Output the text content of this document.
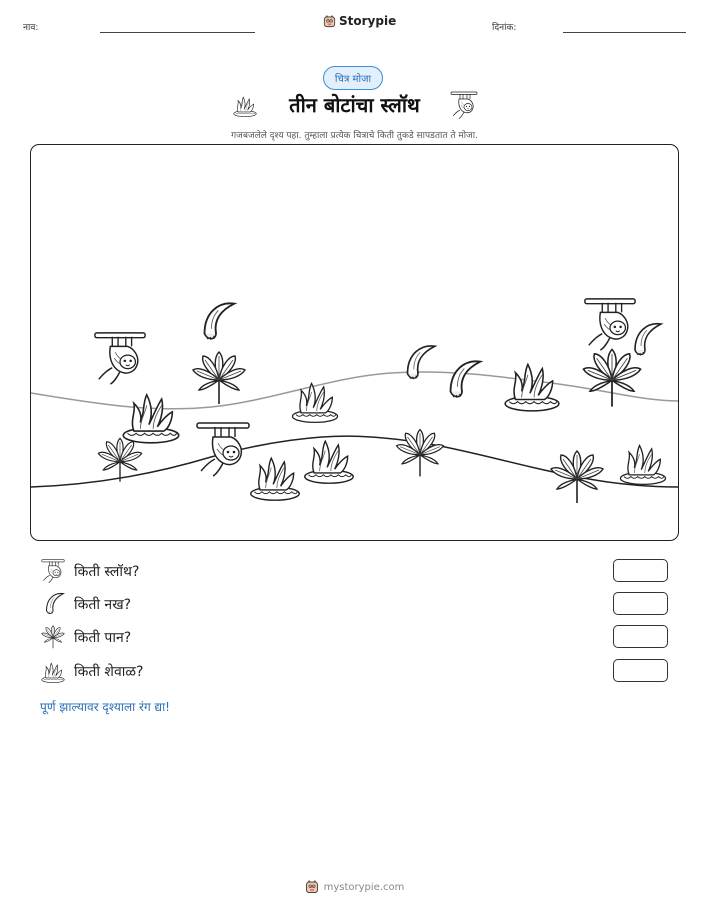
नाव:	Storypie	दिनांक:
चित्र मोजा
तीन बोटांचा स्लॉथ
गजबजलेले दृश्य पहा. तुम्हाला प्रत्येक चित्राचे किती तुकडे सापडतात ते मोजा.
किती स्लॉथ?
किती नख?
किती पान?
किती शेवाळ?
पूर्ण झाल्यावर दृश्याला रंग द्या!
mystorypie.com
